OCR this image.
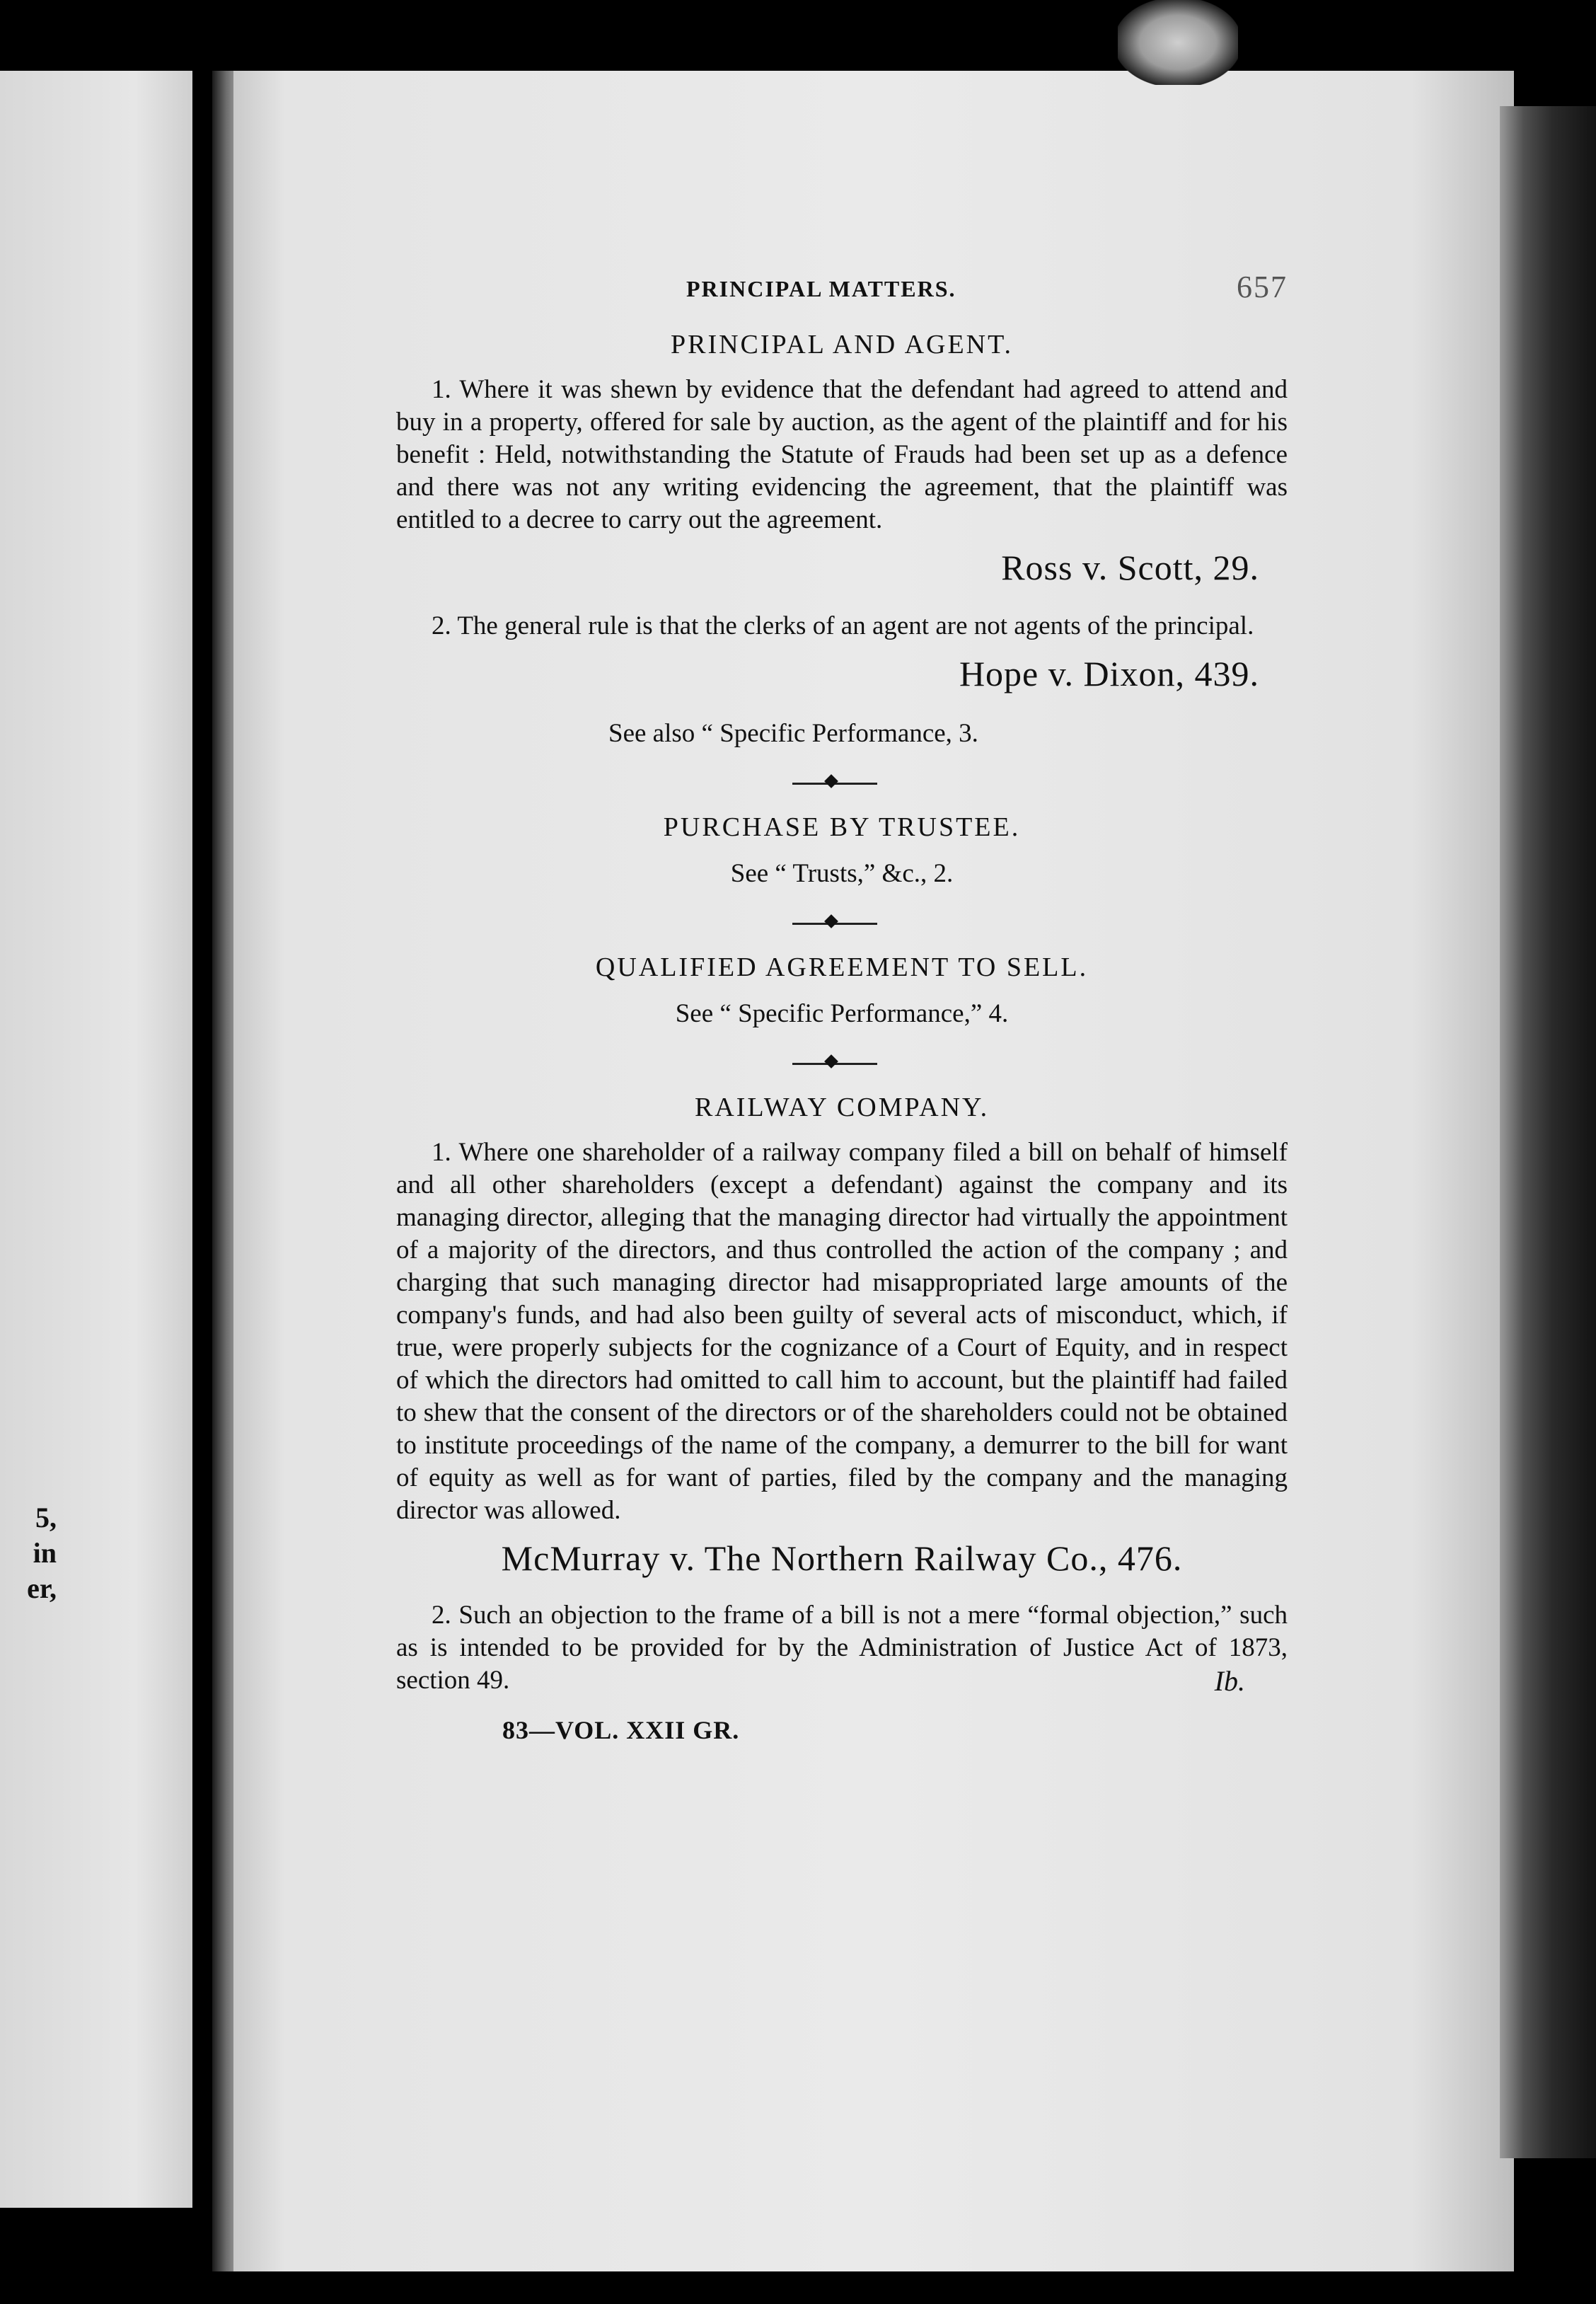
5,
in
er,
PRINCIPAL MATTERS.	657
PRINCIPAL AND AGENT.

1. Where it was shewn by evidence that the defendant had agreed to attend and buy in a property, offered for sale by auction, as the agent of the plaintiff and for his benefit : Held, notwithstanding the Statute of Frauds had been set up as a defence and there was not any writing evidencing the agreement, that the plaintiff was entitled to a decree to carry out the agreement.

Ross v. Scott, 29.

2. The general rule is that the clerks of an agent are not agents of the principal.

Hope v. Dixon, 439.
See also “ Specific Performance, 3.
PURCHASE BY TRUSTEE.
See “ Trusts,” &c., 2.
QUALIFIED AGREEMENT TO SELL.
See “ Specific Performance,” 4.
RAILWAY COMPANY.

1. Where one shareholder of a railway company filed a bill on behalf of himself and all other shareholders (except a defendant) against the company and its managing director, alleging that the managing director had virtually the appointment of a majority of the directors, and thus controlled the action of the company ; and charging that such managing director had misappropriated large amounts of the company's funds, and had also been guilty of several acts of misconduct, which, if true, were properly subjects for the cognizance of a Court of Equity, and in respect of which the directors had omitted to call him to account, but the plaintiff had failed to shew that the consent of the directors or of the shareholders could not be obtained to institute proceedings of the name of the company, a demurrer to the bill for want of equity as well as for want of parties, filed by the company and the managing director was allowed.

McMurray v. The Northern Railway Co., 476.

2. Such an objection to the frame of a bill is not a mere “formal objection,” such as is intended to be provided for by the Administration of Justice Act of 1873, section 49.	Ib.
83—VOL. XXII GR.
